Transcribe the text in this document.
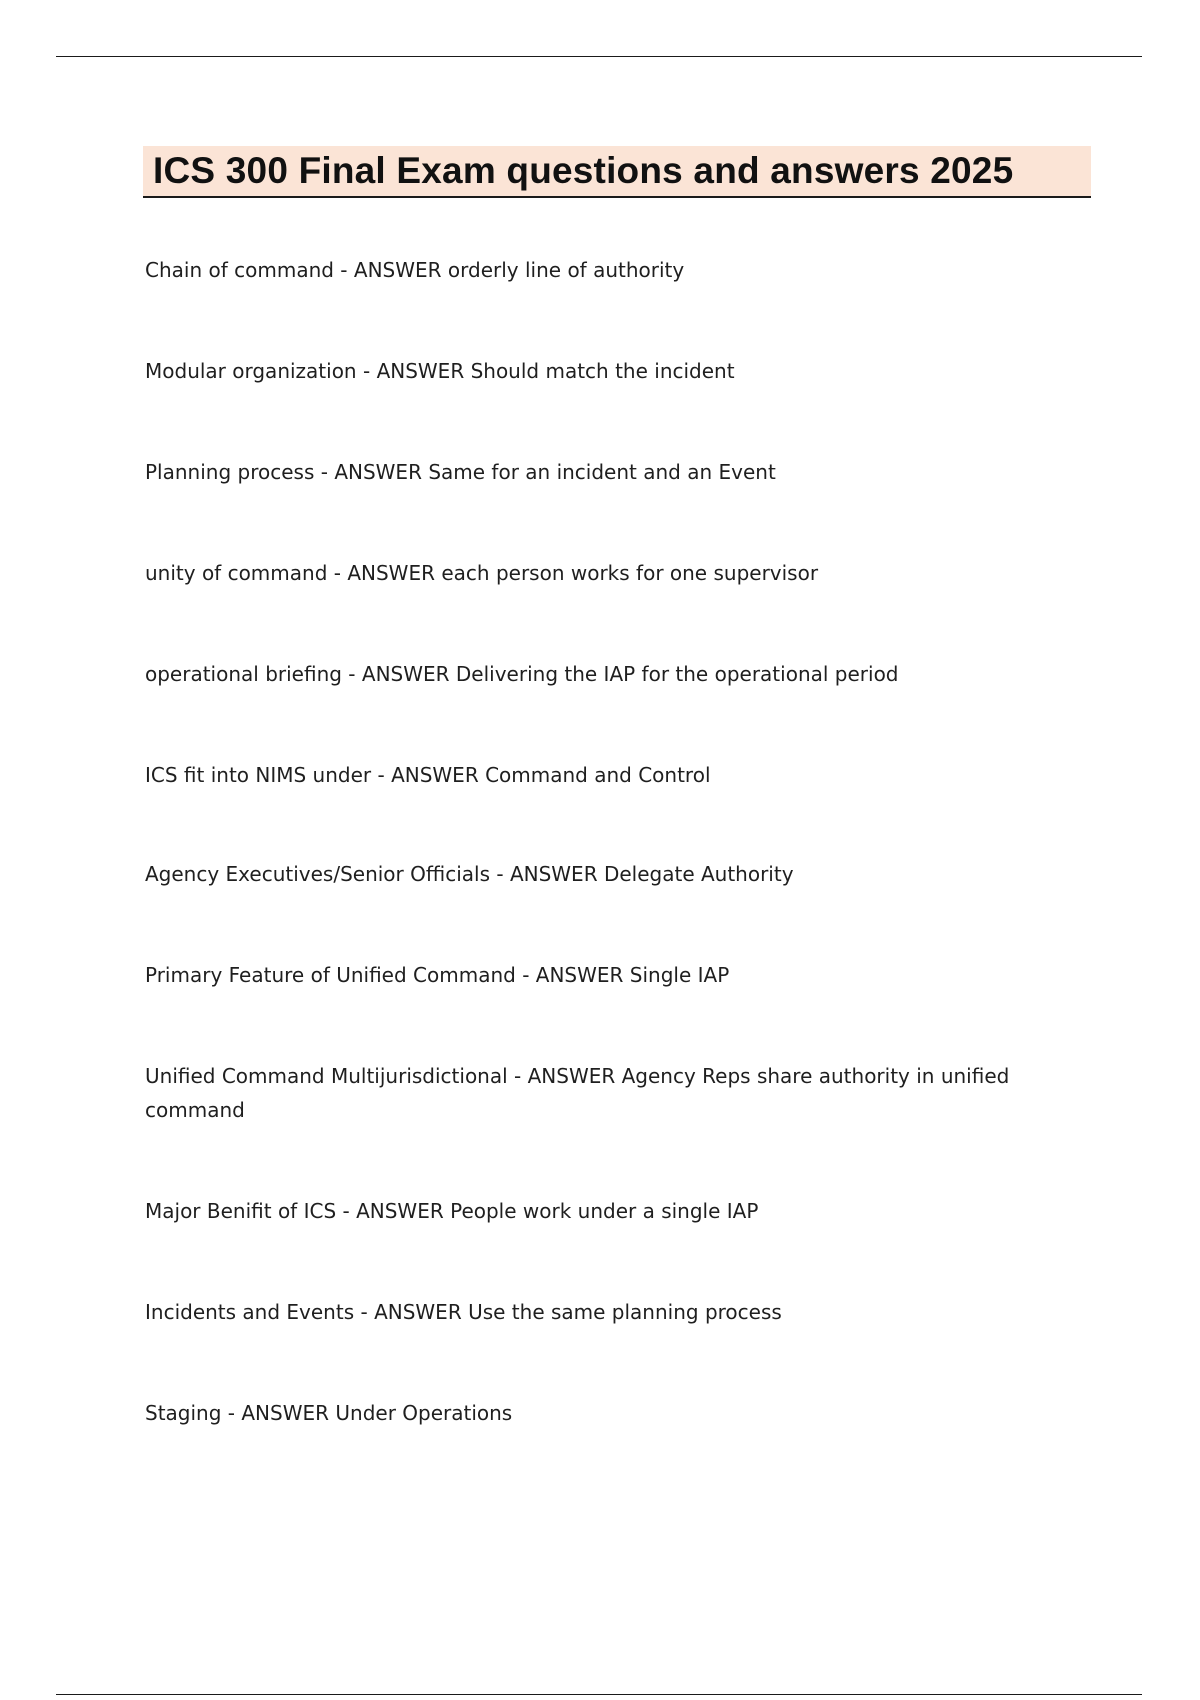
ICS 300 Final Exam questions and answers 2025
Chain of command - ANSWER orderly line of authority
Modular organization - ANSWER Should match the incident
Planning process - ANSWER Same for an incident and an Event
unity of command - ANSWER each person works for one supervisor
operational briefing - ANSWER Delivering the IAP for the operational period
ICS fit into NIMS under - ANSWER Command and Control
Agency Executives/Senior Officials - ANSWER Delegate Authority
Primary Feature of Unified Command - ANSWER Single IAP
Unified Command Multijurisdictional - ANSWER Agency Reps share authority in unified command
Major Benifit of ICS - ANSWER People work under a single IAP
Incidents and Events - ANSWER Use the same planning process
Staging - ANSWER Under Operations
